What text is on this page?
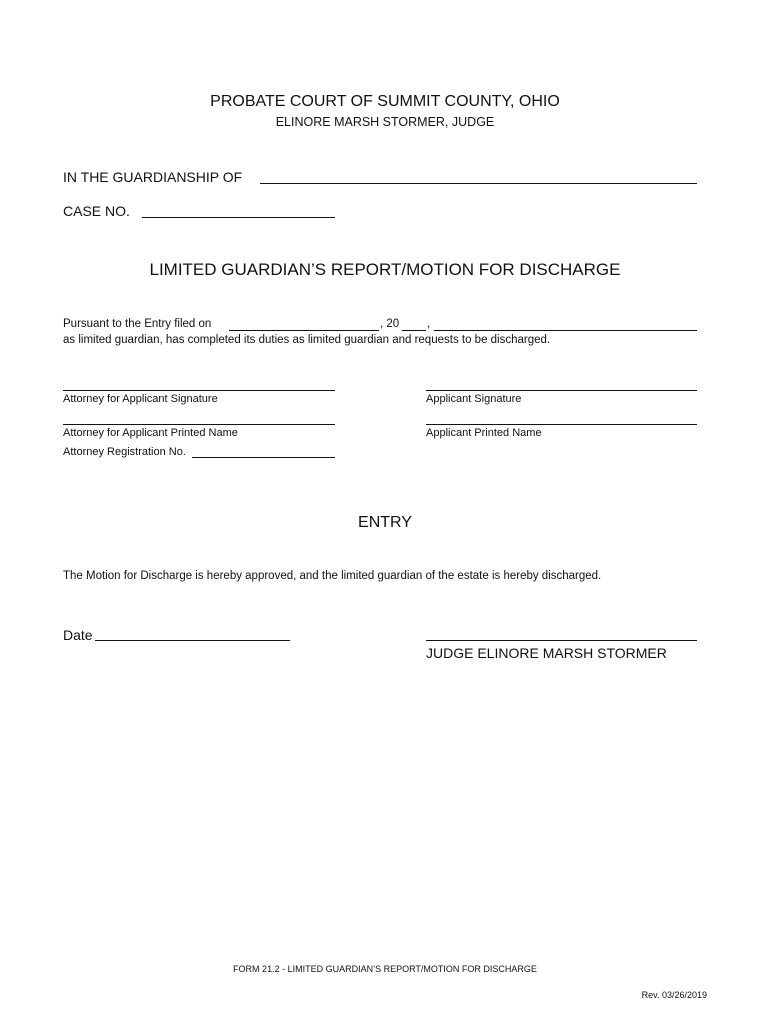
PROBATE COURT OF SUMMIT COUNTY, OHIO
ELINORE MARSH STORMER, JUDGE
IN THE GUARDIANSHIP OF
CASE NO.
LIMITED GUARDIAN’S REPORT/MOTION FOR DISCHARGE
Pursuant to the Entry filed on	, 20 ,
as limited guardian, has completed its duties as limited guardian and requests to be discharged.
Attorney for Applicant Signature	Applicant Signature
Attorney for Applicant Printed Name	Applicant Printed Name
Attorney Registration No.
ENTRY
The Motion for Discharge is hereby approved, and the limited guardian of the estate is hereby discharged.
Date
JUDGE ELINORE MARSH STORMER
FORM 21.2 - LIMITED GUARDIAN’S REPORT/MOTION FOR DISCHARGE
Rev. 03/26/2019
